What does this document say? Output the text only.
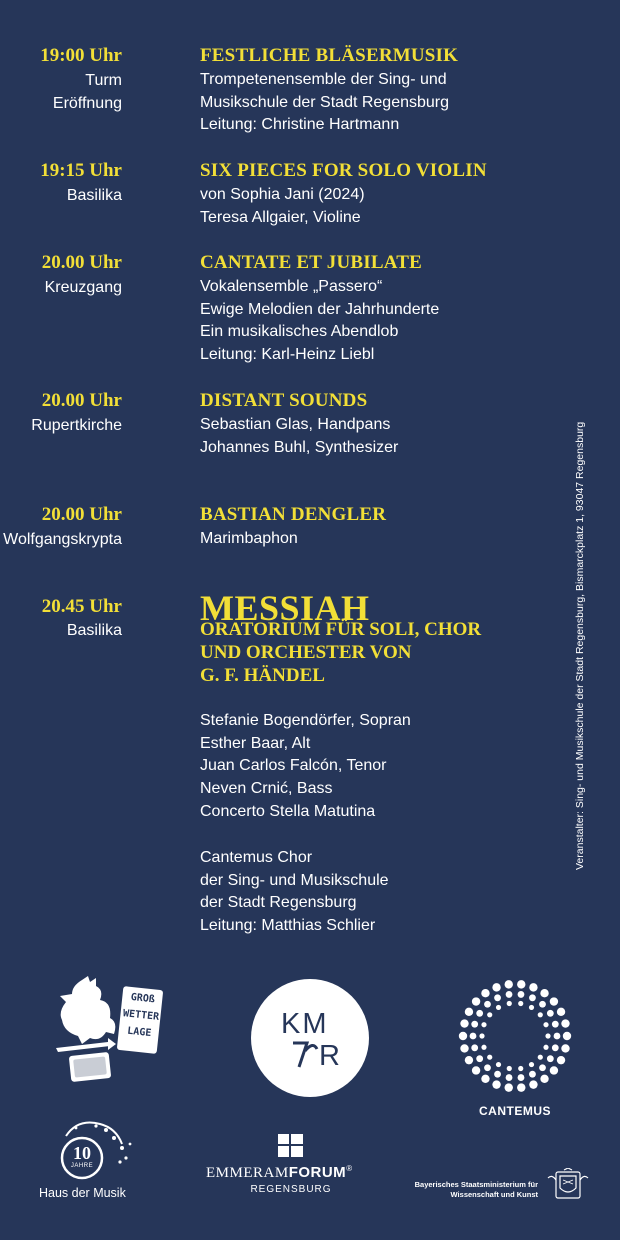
19:00 Uhr
Turm
Eröffnung
FESTLICHE BLÄSERMUSIK
Trompetenensemble der Sing- und
Musikschule der Stadt Regensburg
Leitung: Christine Hartmann
19:15 Uhr
Basilika
SIX PIECES FOR SOLO VIOLIN
von Sophia Jani (2024)
Teresa Allgaier, Violine
20.00 Uhr
Kreuzgang
CANTATE ET JUBILATE
Vokalensemble „Passero“
Ewige Melodien der Jahrhunderte
Ein musikalisches Abendlob
Leitung: Karl-Heinz Liebl
20.00 Uhr
Rupertkirche
DISTANT SOUNDS
Sebastian Glas, Handpans
Johannes Buhl, Synthesizer
20.00 Uhr
Wolfgangskrypta
BASTIAN DENGLER
Marimbaphon
20.45 Uhr
Basilika
MESSIAH
ORATORIUM FÜR SOLI, CHOR
UND ORCHESTER VON
G. F. HÄNDEL
Stefanie Bogendörfer, Sopran
Esther Baar, Alt
Juan Carlos Falcón, Tenor
Neven Crnić, Bass
Concerto Stella Matutina
Cantemus Chor
der Sing- und Musikschule
der Stadt Regensburg
Leitung: Matthias Schlier
Veranstalter: Sing- und Musikschule der Stadt Regensburg, Bismarckplatz 1, 93047 Regensburg
GROß
WETTER
LAGE	KM
R
CANTEMUS
10
JAHRE
Haus der Musik
EMMERAMFORUM®
REGENSBURG	Bayerisches Staatsministerium für
Wissenschaft und Kunst
